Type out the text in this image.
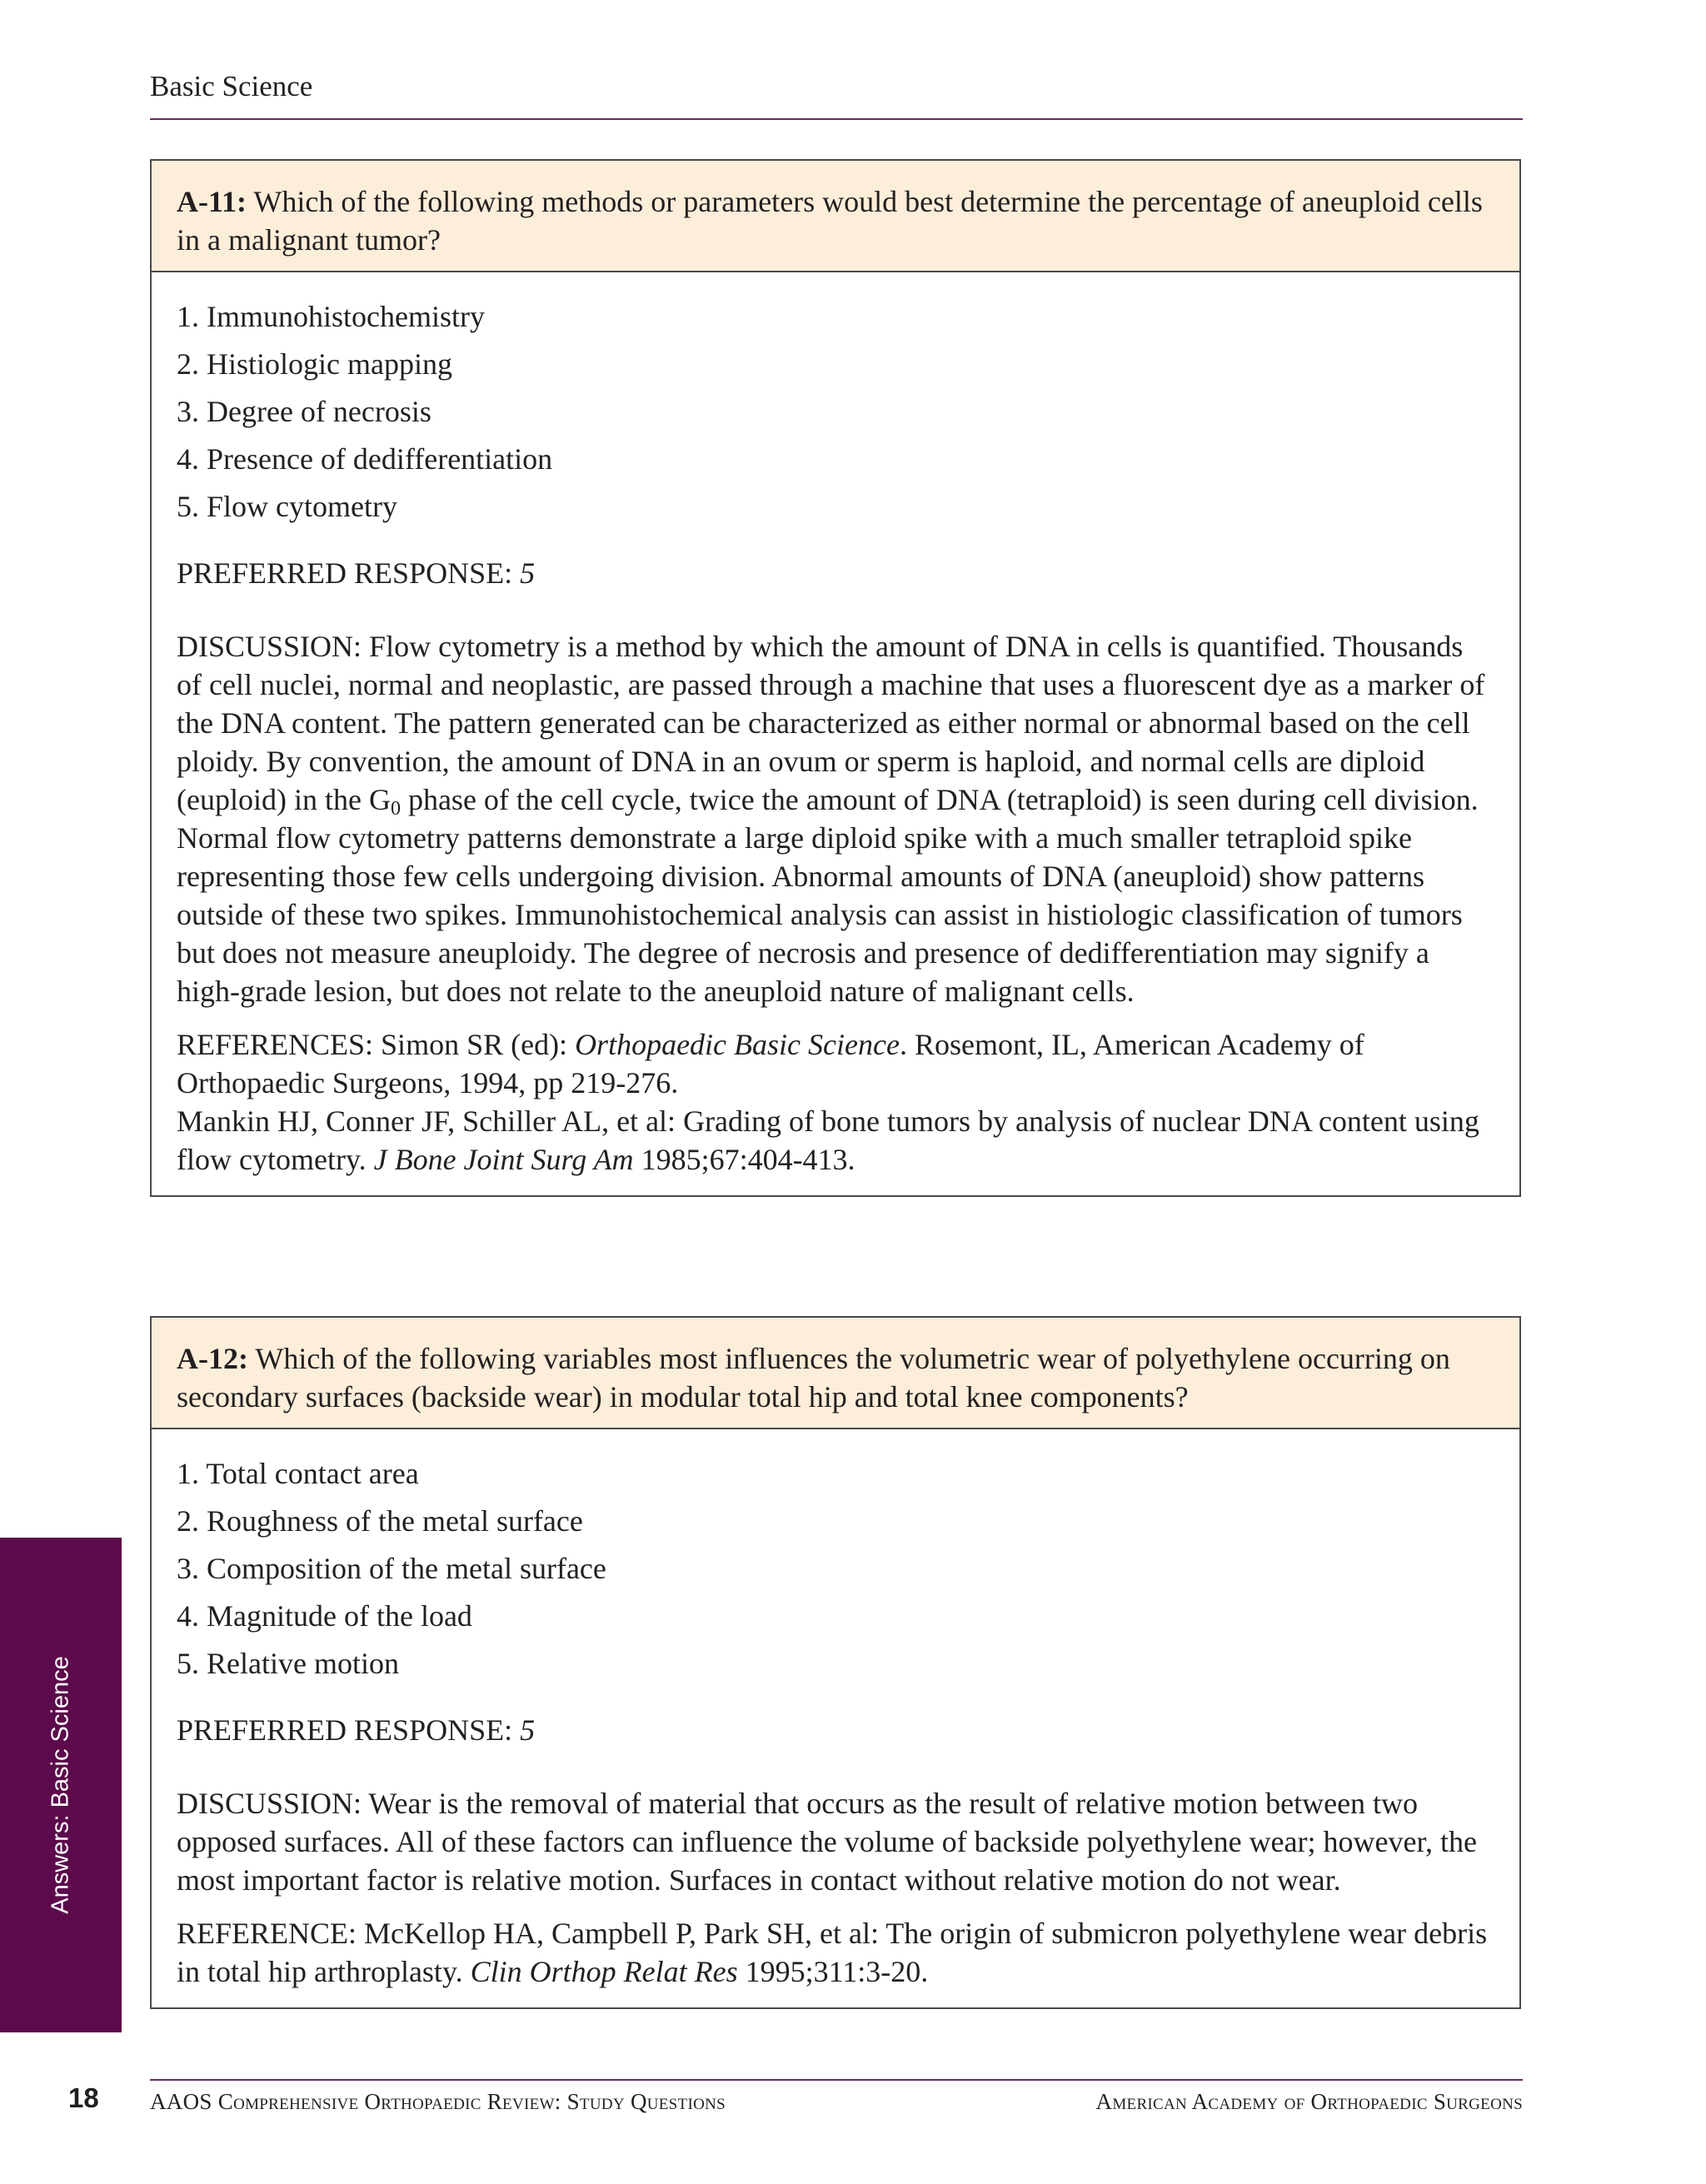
Basic Science
A-11: Which of the following methods or parameters would best determine the percentage of aneuploid cells in a malignant tumor?
1. Immunohistochemistry
2. Histiologic mapping
3. Degree of necrosis
4. Presence of dedifferentiation
5. Flow cytometry

PREFERRED RESPONSE: 5

DISCUSSION: Flow cytometry is a method by which the amount of DNA in cells is quantified. Thousands of cell nuclei, normal and neoplastic, are passed through a machine that uses a fluorescent dye as a marker of the DNA content. The pattern generated can be characterized as either normal or abnormal based on the cell ploidy. By convention, the amount of DNA in an ovum or sperm is haploid, and normal cells are diploid (euploid) in the $G_0$ phase of the cell cycle, twice the amount of DNA (tetraploid) is seen during cell division. Normal flow cytometry patterns demonstrate a large diploid spike with a much smaller tetraploid spike representing those few cells undergoing division. Abnormal amounts of DNA (aneuploid) show patterns outside of these two spikes. Immunohistochemical analysis can assist in histiologic classification of tumors but does not measure aneuploidy. The degree of necrosis and presence of dedifferentiation may signify a high-grade lesion, but does not relate to the aneuploid nature of malignant cells.

REFERENCES: Simon SR (ed): Orthopaedic Basic Science. Rosemont, IL, American Academy of Orthopaedic Surgeons, 1994, pp 219-276.

Mankin HJ, Conner JF, Schiller AL, et al: Grading of bone tumors by analysis of nuclear DNA content using flow cytometry. J Bone Joint Surg Am 1985;67:404-413.

A-12: Which of the following variables most influences the volumetric wear of polyethylene occurring on secondary surfaces (backside wear) in modular total hip and total knee components?
1. Total contact area
2. Roughness of the metal surface
3. Composition of the metal surface
4. Magnitude of the load
5. Relative motion

PREFERRED RESPONSE: 5

DISCUSSION: Wear is the removal of material that occurs as the result of relative motion between two opposed surfaces. All of these factors can influence the volume of backside polyethylene wear; however, the most important factor is relative motion. Surfaces in contact without relative motion do not wear.

REFERENCE: McKellop HA, Campbell P, Park SH, et al: The origin of submicron polyethylene wear debris in total hip arthroplasty. Clin Orthop Relat Res 1995;311:3-20.

Answers: Basic Science
18 AAOS Comprehensive Orthopaedic Review: Study Questions	American Academy of Orthopaedic Surgeons
